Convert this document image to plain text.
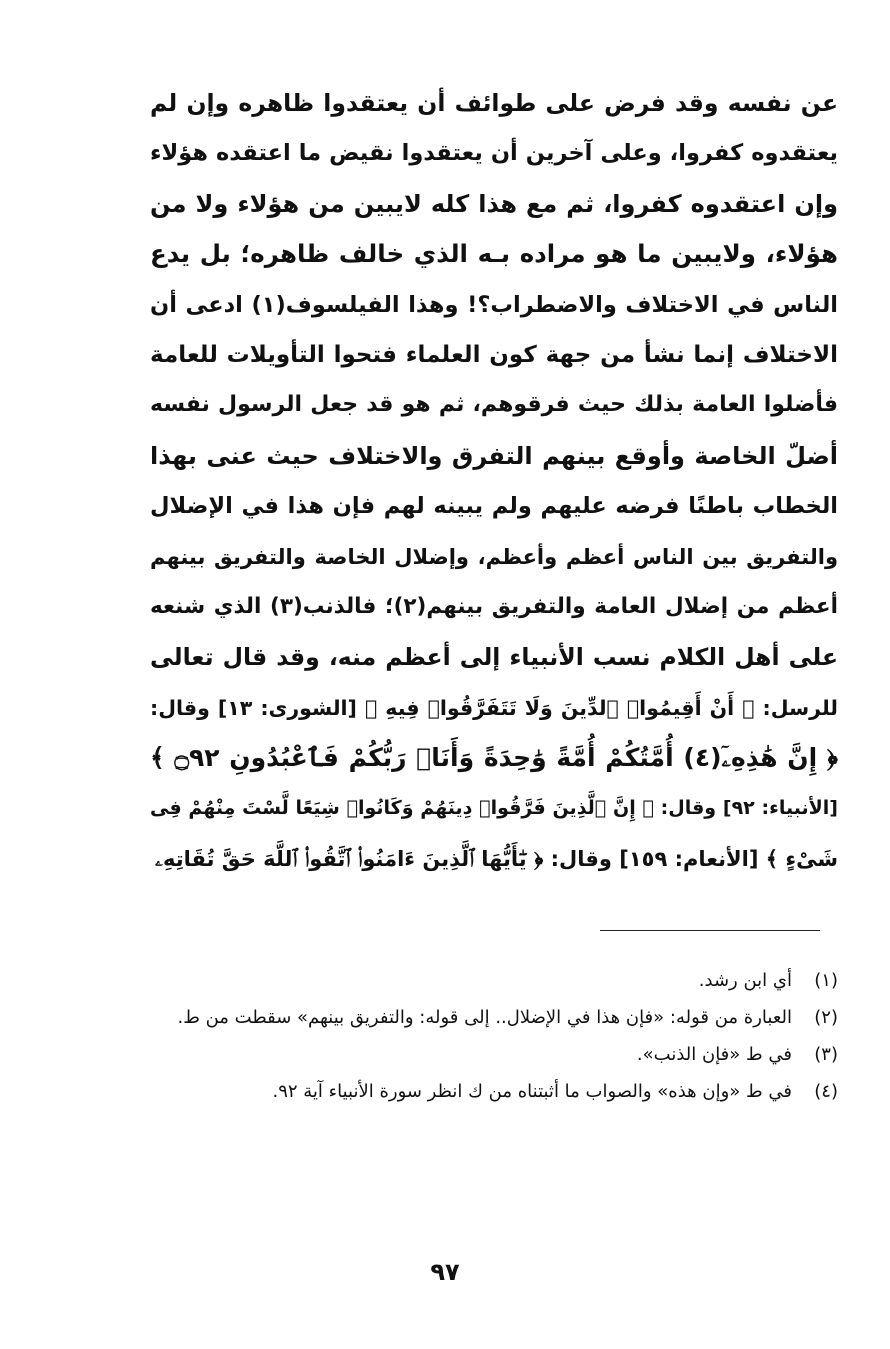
عن نفسه وقد فرض على طوائف أن يعتقدوا ظاهره وإن لم
يعتقدوه كفروا، وعلى آخرين أن يعتقدوا نقيض ما اعتقده هؤلاء
وإن اعتقدوه كفروا، ثم مع هذا كله لايبين من هؤلاء ولا من
هؤلاء، ولايبين ما هو مراده بـه الذي خالف ظاهره؛ بل يدع
الناس في الاختلاف والاضطراب؟! وهذا الفيلسوف(١) ادعى أن
الاختلاف إنما نشأ من جهة كون العلماء فتحوا التأويلات للعامة
فأضلوا العامة بذلك حيث فرقوهم، ثم هو قد جعل الرسول نفسه
أضلّ الخاصة وأوقع بينهم التفرق والاختلاف حيث عنى بهذا
الخطاب باطنًا فرضه عليهم ولم يبينه لهم فإن هذا في الإضلال
والتفريق بين الناس أعظم وأعظم، وإضلال الخاصة والتفريق بينهم
أعظم من إضلال العامة والتفريق بينهم(٢)؛ فالذنب(٣) الذي شنعه
على أهل الكلام نسب الأنبياء إلى أعظم منه، وقد قال تعالى
للرسل: ﴿ أَنْ أَقِيمُوا۟ ٱلدِّينَ وَلَا تَتَفَرَّقُوا۟ فِيهِ ﴾ [الشورى: ١٣] وقال:
﴿ إِنَّ هَٰذِهِۦٓ(٤) أُمَّتُكُمْ أُمَّةً وَٰحِدَةً وَأَنَا۠ رَبُّكُمْ فَٱعْبُدُونِ ۝٩٢ ﴾
[الأنبياء: ٩٢] وقال: ﴿ إِنَّ ٱلَّذِينَ فَرَّقُوا۟ دِينَهُمْ وَكَانُوا۟ شِيَعًا لَّسْتَ مِنْهُمْ فِى
شَىْءٍ ﴾ [الأنعام: ١٥٩] وقال: ﴿ يَٰٓأَيُّهَا ٱلَّذِينَ ءَامَنُوا۟ ٱتَّقُوا۟ ٱللَّهَ حَقَّ تُقَاتِهِۦ
(١)
أي ابن رشد.
(٢)
العبارة من قوله: «فإن هذا في الإضلال.. إلى قوله: والتفريق بينهم» سقطت من ط.
(٣)
في ط «فإن الذنب».
(٤)
في ط «وإن هذه» والصواب ما أثبتناه من ك انظر سورة الأنبياء آية ٩٢.
٩٧
